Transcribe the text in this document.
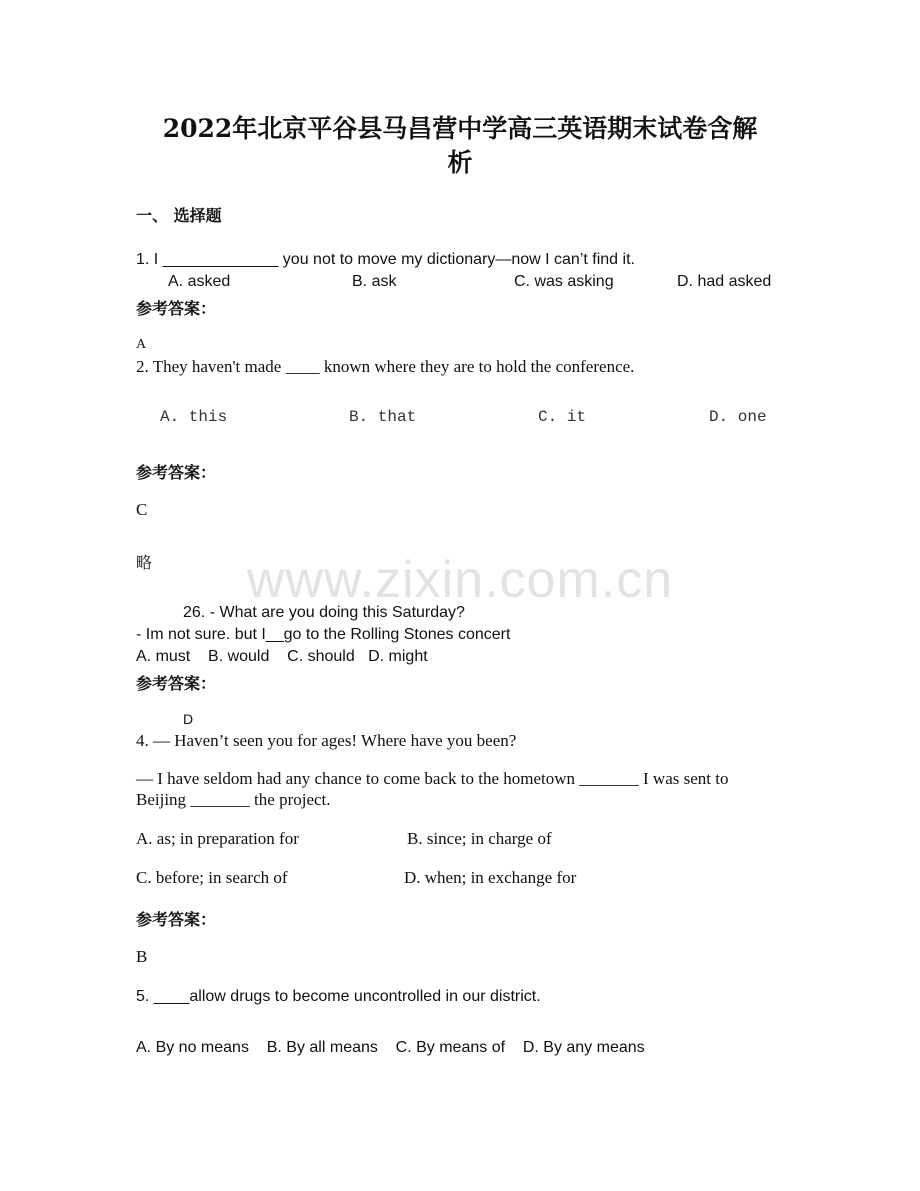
www.zixin.com.cn
2022年北京平谷县马昌营中学高三英语期末试卷含解
析
一、 选择题
1. I _____________ you not to move my dictionary—now I can’t find it.
A. asked	B. ask	C. was asking	D. had asked
参考答案：
A
2. They haven't made ____ known where they are to hold the conference.
A. this	B. that	C. it	D. one
参考答案：
C
略
26. - What are you doing this Saturday?
- Im not sure. but I__go to the Rolling Stones concert
A. must    B. would    C. should   D. might
参考答案：
D
4. — Haven’t seen you for ages! Where have you been?
— I have seldom had any chance to come back to the hometown _______ I was sent to
Beijing _______ the project.
A. as; in preparation for	B. since; in charge of
C. before; in search of	D. when; in exchange for
参考答案：
B
5. ____allow drugs to become uncontrolled in our district.
A. By no means    B. By all means    C. By means of    D. By any means
